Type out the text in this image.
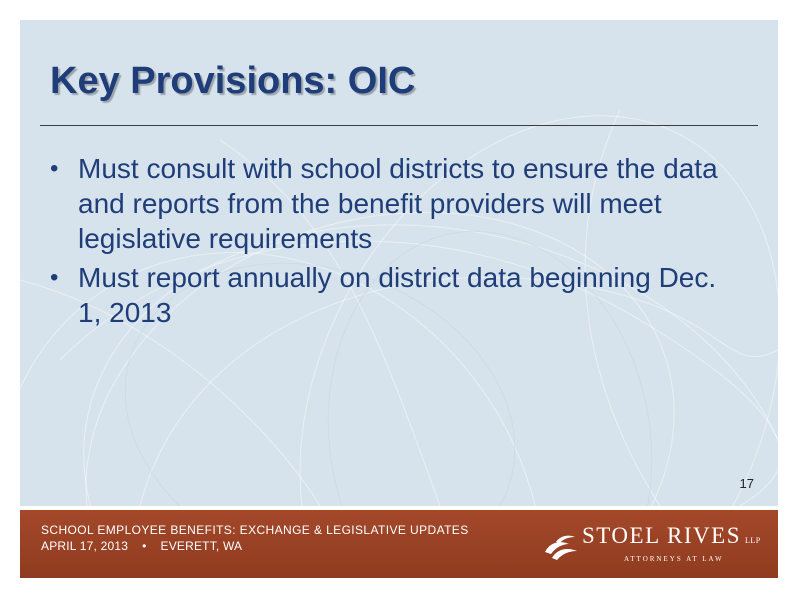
Key Provisions: OIC
• Must consult with school districts to ensure the data and reports from the benefit providers will meet legislative requirements
• Must report annually on district data beginning Dec. 1, 2013
17
SCHOOL EMPLOYEE BENEFITS: EXCHANGE & LEGISLATIVE UPDATES
APRIL 17, 2013 • EVERETT, WA	STOEL RIVES LLP
ATTORNEYS AT LAW
